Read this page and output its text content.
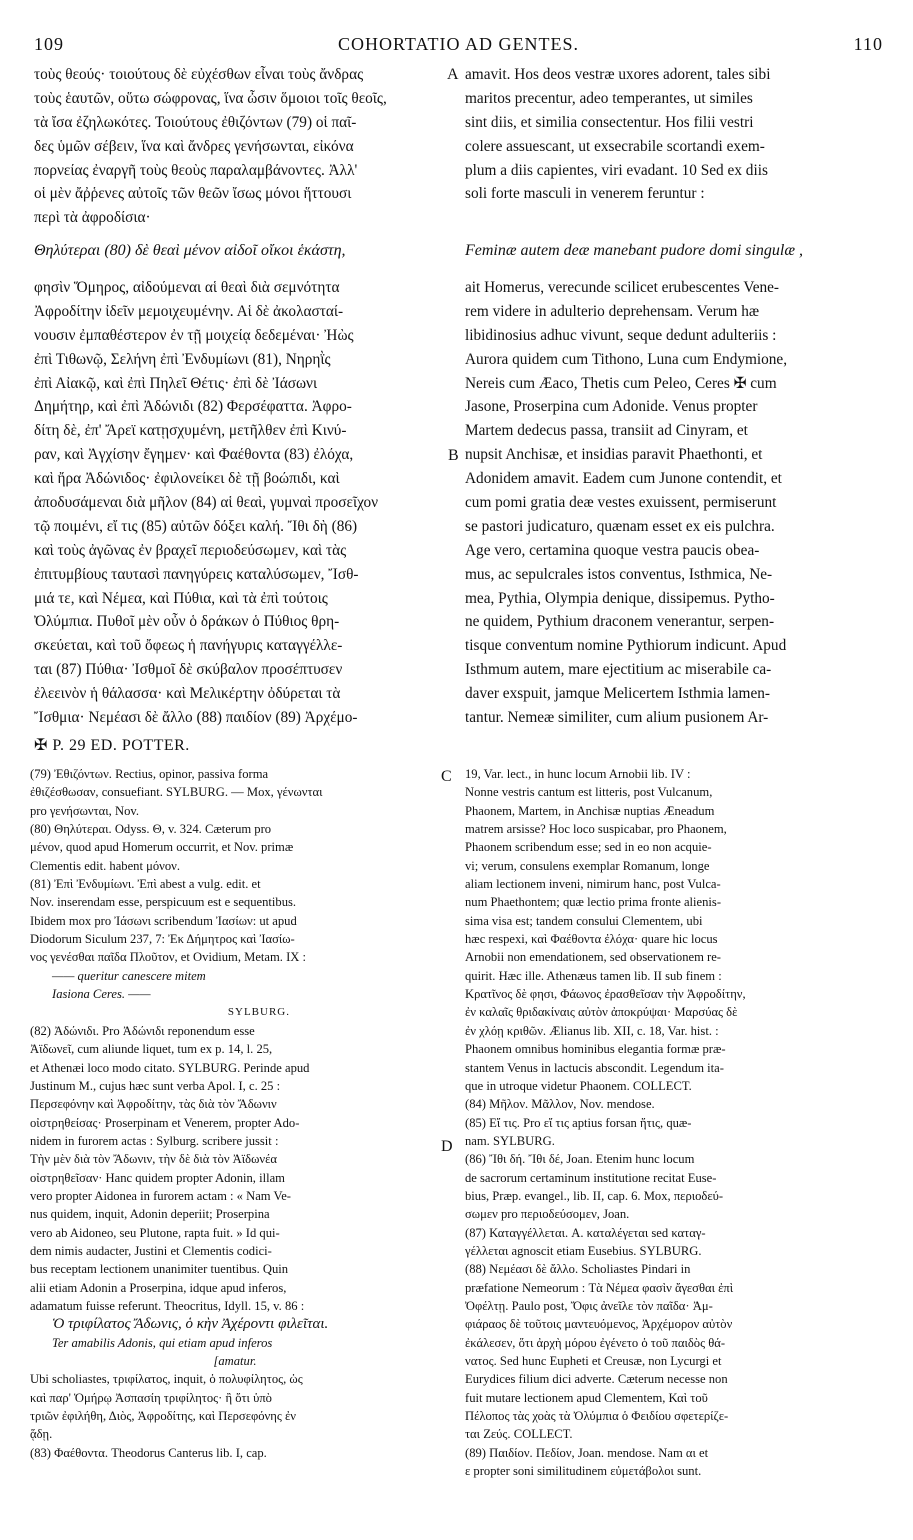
109	COHORTATIO AD GENTES.	110
τοὺς θεούς· τοιούτους δὲ εὐχέσθων εἶναι τοὺς ἄνδρας
τοὺς ἑαυτῶν, οὕτω σώφρονας, ἵνα ὦσιν ὅμοιοι τοῖς θεοῖς,
τὰ ἴσα ἐζηλωκότες. Τοιούτους ἐθιζόντων (79) οἱ παῖ-
δες ὑμῶν σέβειν, ἵνα καὶ ἄνδρες γενήσωνται, εἰκόνα
πορνείας ἐναργῆ τοὺς θεοὺς παραλαμβάνοντες. Ἀλλ'
οἱ μὲν ἄῤῥενες αὐτοῖς τῶν θεῶν ἴσως μόνοι ἥττουσι
περὶ τὰ ἀφροδίσια·
amavit. Hos deos vestræ uxores adorent, tales sibi
maritos precentur, adeo temperantes, ut similes
sint diis, et similia consectentur. Hos filii vestri
colere assuescant, ut exsecrabile scortandi exem-
plum a diis capientes, viri evadant. 10 Sed ex diis
soli forte masculi in venerem feruntur :
A
Θηλύτεραι (80) δὲ θεαὶ μένον αἰδοῖ οἴκοι ἑκάστη,	Feminæ autem deæ manebant pudore domi singulæ ,
φησὶν Ὅμηρος, αἰδούμεναι αἱ θεαὶ διὰ σεμνότητα
Ἀφροδίτην ἰδεῖν μεμοιχευμένην. Αἱ δὲ ἀκολασταί-
νουσιν ἐμπαθέστερον ἐν τῇ μοιχείᾳ δεδεμέναι· Ἠὼς
ἐπὶ Τιθωνῷ, Σελήνη ἐπὶ Ἐνδυμίωνι (81), Νηρηῒς
ἐπὶ Αἰακῷ, καὶ ἐπὶ Πηλεῖ Θέτις· ἐπὶ δὲ Ἰάσωνι
Δημήτηρ, καὶ ἐπὶ Ἀδώνιδι (82) Φερσέφαττα. Ἀφρο-
δίτη δὲ, ἐπ' Ἄρεϊ κατῃσχυμένη, μετῆλθεν ἐπὶ Κινύ-
ραν, καὶ Ἀγχίσην ἔγημεν· καὶ Φαέθοντα (83) ἐλόχα,
καὶ ἤρα Ἀδώνιδος· ἐφιλονείκει δὲ τῇ βοώπιδι, καὶ
ἀποδυσάμεναι διὰ μῆλον (84) αἱ θεαὶ, γυμναὶ προσεῖχον
τῷ ποιμένι, εἴ τις (85) αὐτῶν δόξει καλή. Ἴθι δὴ (86)
καὶ τοὺς ἀγῶνας ἐν βραχεῖ περιοδεύσωμεν, καὶ τὰς
ἐπιτυμβίους ταυτασὶ πανηγύρεις καταλύσωμεν, Ἴσθ-
μιά τε, καὶ Νέμεα, καὶ Πύθια, καὶ τὰ ἐπὶ τούτοις
Ὀλύμπια. Πυθοῖ μὲν οὖν ὁ δράκων ὁ Πύθιος θρη-
σκεύεται, καὶ τοῦ ὄφεως ἡ πανήγυρις καταγγέλλε-
ται (87) Πύθια· Ἰσθμοῖ δὲ σκύβαλον προσέπτυσεν
ἐλεεινὸν ἡ θάλασσα· καὶ Μελικέρτην ὀδύρεται τὰ
Ἴσθμια· Νεμέασι δὲ ἄλλο (88) παιδίον (89) Ἀρχέμο-
ait Homerus, verecunde scilicet erubescentes Vene-
rem videre in adulterio deprehensam. Verum hæ
libidinosius adhuc vivunt, seque dedunt adulteriis :
Aurora quidem cum Tithono, Luna cum Endymione,
Nereis cum Æaco, Thetis cum Peleo, Ceres ✠ cum
Jasone, Proserpina cum Adonide. Venus propter
Martem dedecus passa, transiit ad Cinyram, et
nupsit Anchisæ, et insidias paravit Phaethonti, et
Adonidem amavit. Eadem cum Junone contendit, et
cum pomi gratia deæ vestes exuissent, permiserunt
se pastori judicaturo, quænam esset ex eis pulchra.
Age vero, certamina quoque vestra paucis obea-
mus, ac sepulcrales istos conventus, Isthmica, Ne-
mea, Pythia, Olympia denique, dissipemus. Pytho-
ne quidem, Pythium draconem venerantur, serpen-
tisque conventum nomine Pythiorum indicunt. Apud
Isthmum autem, mare ejectitium ac miserabile ca-
daver exspuit, jamque Melicertem Isthmia lamen-
tantur. Nemeæ similiter, cum alium pusionem Ar-
B
✠ P. 29 ED. POTTER.
C
D
(79) Ἐθιζόντων. Rectius, opinor, passiva forma
ἐθιζέσθωσαν, consuefiant. SYLBURG. — Mox, γένωνται
pro γενήσωνται, Nov.
(80) Θηλύτεραι. Odyss. Θ, v. 324. Cæterum pro
μένον, quod apud Homerum occurrit, et Nov. primæ
Clementis edit. habent μόνον.
(81) Ἐπὶ Ἐνδυμίωνι. Ἐπὶ abest a vulg. edit. et
Nov. inserendam esse, perspicuum est e sequentibus.
Ibidem mox pro Ἰάσωνι scribendum Ἰασίων: ut apud
Diodorum Siculum 237, 7: Ἐκ Δήμητρος καὶ Ἰασίω-
νος γενέσθαι παῖδα Πλοῦτον, et Ovidium, Metam. IX :
—— queritur canescere mitem
Iasiona Ceres. ——
SYLBURG.
(82) Ἀδώνιδι. Pro Ἀδώνιδι reponendum esse
Ἀϊδωνεῖ, cum aliunde liquet, tum ex p. 14, l. 25,
et Athenæi loco modo citato. SYLBURG. Perinde apud
Justinum M., cujus hæc sunt verba Apol. I, c. 25 :
Περσεφόνην καὶ Ἀφροδίτην, τὰς διὰ τὸν Ἄδωνιν
οἰστρηθείσας· Proserpinam et Venerem, propter Ado-
nidem in furorem actas : Sylburg. scribere jussit :
Τὴν μὲν διὰ τὸν Ἄδωνιν, τὴν δὲ διὰ τὸν Ἀϊδωνέα
οἰστρηθεῖσαν· Hanc quidem propter Adonin, illam
vero propter Aidonea in furorem actam : « Nam Ve-
nus quidem, inquit, Adonin deperiit; Proserpina
vero ab Aidoneo, seu Plutone, rapta fuit. » Id qui-
dem nimis audacter, Justini et Clementis codici-
bus receptam lectionem unanimiter tuentibus. Quin
alii etiam Adonin a Proserpina, idque apud inferos,
adamatum fuisse referunt. Theocritus, Idyll. 15, v. 86 :
Ὁ τριφίλατος Ἄδωνις, ὁ κὴν Ἀχέροντι φιλεῖται.
Ter amabilis Adonis, qui etiam apud inferos
[amatur.
Ubi scholiastes, τριφίλατος, inquit, ὁ πολυφίλητος, ὡς
καὶ παρ' Ὁμήρῳ Ἀσπασίη τριφίλητος· ἢ ὅτι ὑπὸ
τριῶν ἐφιλήθη, Διὸς, Ἀφροδίτης, καὶ Περσεφόνης ἐν
ᾅδῃ.
(83) Φαέθοντα. Theodorus Canterus lib. I, cap.
19, Var. lect., in hunc locum Arnobii lib. IV :
Nonne vestris cantum est litteris, post Vulcanum,
Phaonem, Martem, in Anchisæ nuptias Æneadum
matrem arsisse? Hoc loco suspicabar, pro Phaonem,
Phaonem scribendum esse; sed in eo non acquie-
vi; verum, consulens exemplar Romanum, longe
aliam lectionem inveni, nimirum hanc, post Vulca-
num Phaethontem; quæ lectio prima fronte alienis-
sima visa est; tandem consului Clementem, ubi
hæc respexi, καὶ Φαέθοντα ἐλόχα· quare hic locus
Arnobii non emendationem, sed observationem re-
quirit. Hæc ille. Athenæus tamen lib. II sub finem :
Κρατῖνος δὲ φησι, Φάωνος ἐρασθεῖσαν τὴν Ἀφροδίτην,
ἐν καλαῖς θριδακίναις αὐτὸν ἀποκρύψαι· Μαρσύας δὲ
ἐν χλόῃ κριθῶν. Ælianus lib. XII, c. 18, Var. hist. :
Phaonem omnibus hominibus elegantia formæ præ-
stantem Venus in lactucis abscondit. Legendum ita-
que in utroque videtur Phaonem. COLLECT.
(84) Μῆλον. Μᾶλλον, Nov. mendose.
(85) Εἴ τις. Pro εἴ τις aptius forsan ἥτις, quæ-
nam. SYLBURG.
(86) Ἴθι δή. Ἴθι δέ, Joan. Etenim hunc locum
de sacrorum certaminum institutione recitat Euse-
bius, Præp. evangel., lib. II, cap. 6. Mox, περιοδεύ-
σωμεν pro περιοδεύσομεν, Joan.
(87) Καταγγέλλεται. A. καταλέγεται sed καταγ-
γέλλεται agnoscit etiam Eusebius. SYLBURG.
(88) Νεμέασι δὲ ἄλλο. Scholiastes Pindari in
præfatione Nemeorum : Τὰ Νέμεα φασὶν ἄγεσθαι ἐπὶ
Ὀφέλτῃ. Paulo post, Ὄφις ἀνεῖλε τὸν παῖδα· Ἀμ-
φιάραος δὲ τοῦτοις μαντευόμενος, Ἀρχέμορον αὐτὸν
ἐκάλεσεν, ὅτι ἀρχὴ μόρου ἐγένετο ὁ τοῦ παιδὸς θά-
νατος. Sed hunc Eupheti et Creusæ, non Lycurgi et
Eurydices filium dici adverte. Cæterum necesse non
fuit mutare lectionem apud Clementem, Καὶ τοῦ
Πέλοπος τὰς χοὰς τὰ Ὀλύμπια ὁ Φειδίου σφετερίζε-
ται Ζεύς. COLLECT.
(89) Παιδίον. Πεδίον, Joan. mendose. Nam αι et
ε propter soni similitudinem εὐμετάβολοι sunt.
